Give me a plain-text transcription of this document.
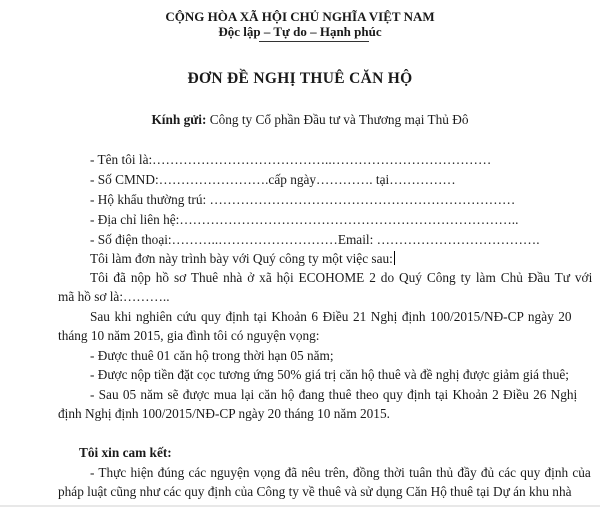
CỘNG HÒA XÃ HỘI CHỦ NGHĨA VIỆT NAM
Độc lập – Tự do – Hạnh phúc
ĐƠN ĐỀ NGHỊ THUÊ CĂN HỘ
Kính gửi: Công ty Cổ phần Đầu tư và Thương mại Thủ Đô
- Tên tôi là:…………………………………..………………………………
- Số CMND:…………………….cấp ngày…………. tại……………
- Hộ khẩu thường trú: ……………………………………………………………
- Địa chỉ liên hệ:…………………………………………………………………..
- Số điện thoại:………..………………………Email: ……………………………….
Tôi làm đơn này trình bày với Quý công ty một việc sau:
Tôi đã nộp hồ sơ Thuê nhà ở xã hội ECOHOME 2 do Quý Công ty làm Chủ Đầu Tư với
mã hồ sơ là:………..
Sau khi nghiên cứu quy định tại Khoản 6 Điều 21 Nghị định 100/2015/NĐ-CP ngày 20
tháng 10 năm 2015, gia đình tôi có nguyện vọng:
- Được thuê 01 căn hộ trong thời hạn 05 năm;
- Được nộp tiền đặt cọc tương ứng 50% giá trị căn hộ thuê và đề nghị được giảm giá thuê;
- Sau 05 năm sẽ được mua lại căn hộ đang thuê theo quy định tại Khoản 2 Điều 26 Nghị
định Nghị định 100/2015/NĐ-CP ngày 20 tháng 10 năm 2015.
Tôi xin cam kết:
- Thực hiện đúng các nguyện vọng đã nêu trên, đồng thời tuân thủ đầy đủ các quy định của
pháp luật cũng như các quy định của Công ty về thuê và sử dụng Căn Hộ thuê tại Dự án khu nhà
